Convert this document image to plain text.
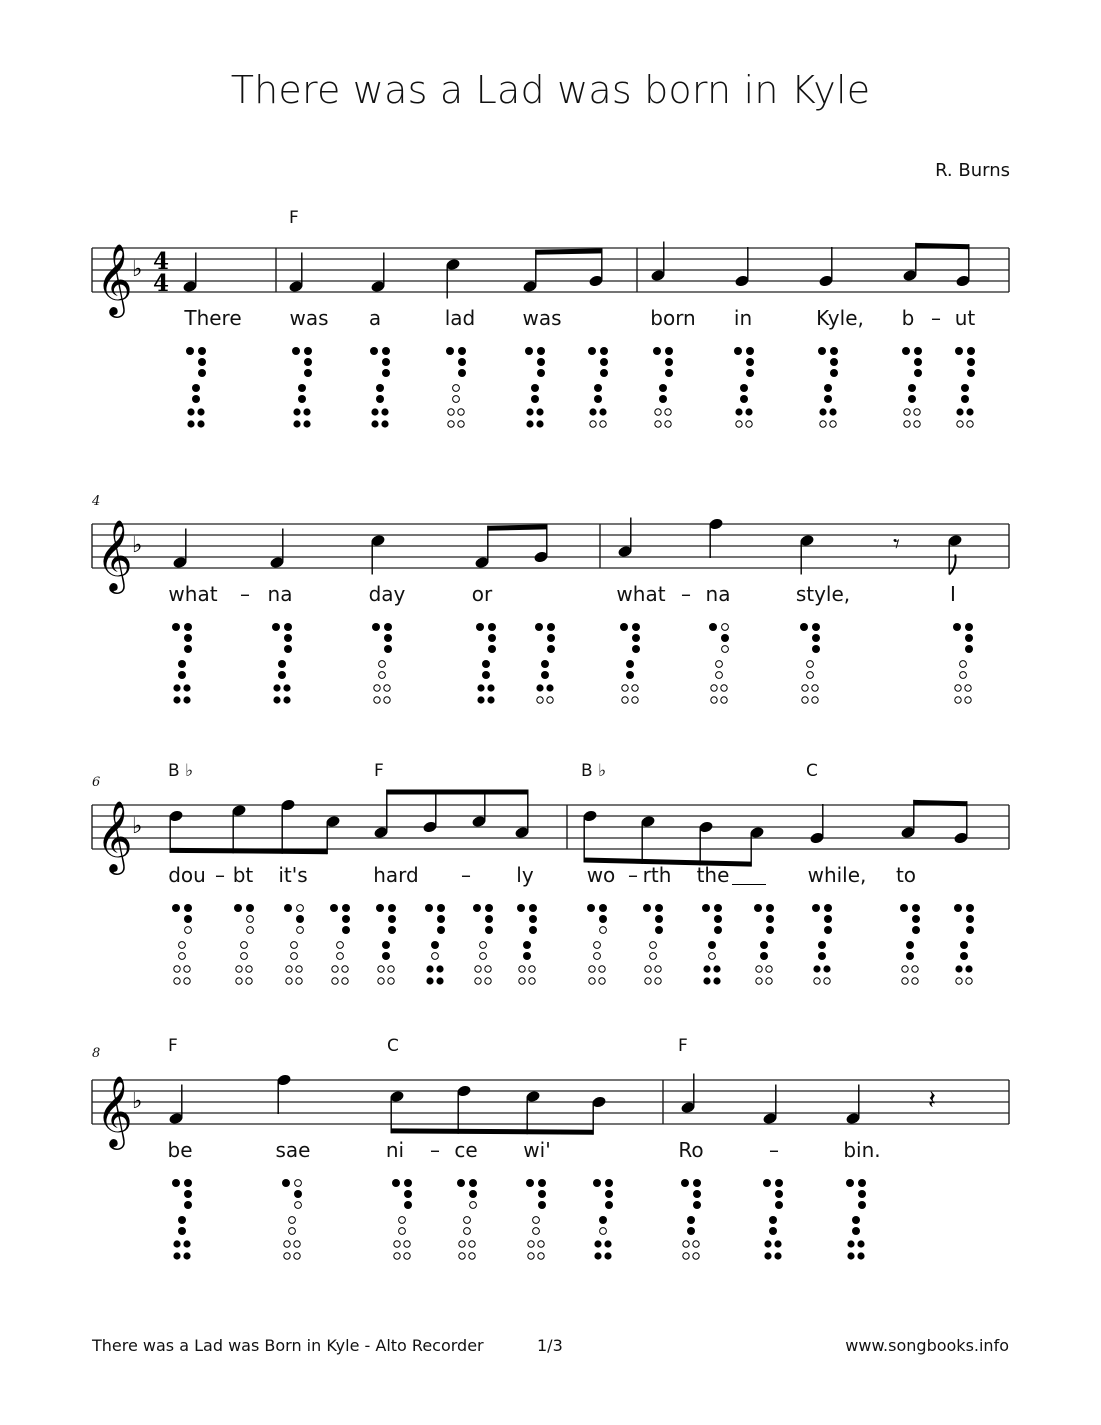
There was a Lad was born in Kyle
R. Burns
𝄞 ♭ 4
4
F
There was a	lad was	born in	Kyle, b – ut
𝄞 ♭	𝄾
4
what – na	day	or	what – na	style,	I
𝄞 ♭
6
B ♭	F	B ♭	C
dou – bt it's	hard – ly	wo – rth the	while, to
𝄞 ♭	𝄽
8	F	C	F
be	sae	ni – ce wi'	Ro	–	bin.
There was a Lad was Born in Kyle - Alto Recorder	1/3	www.songbooks.info
